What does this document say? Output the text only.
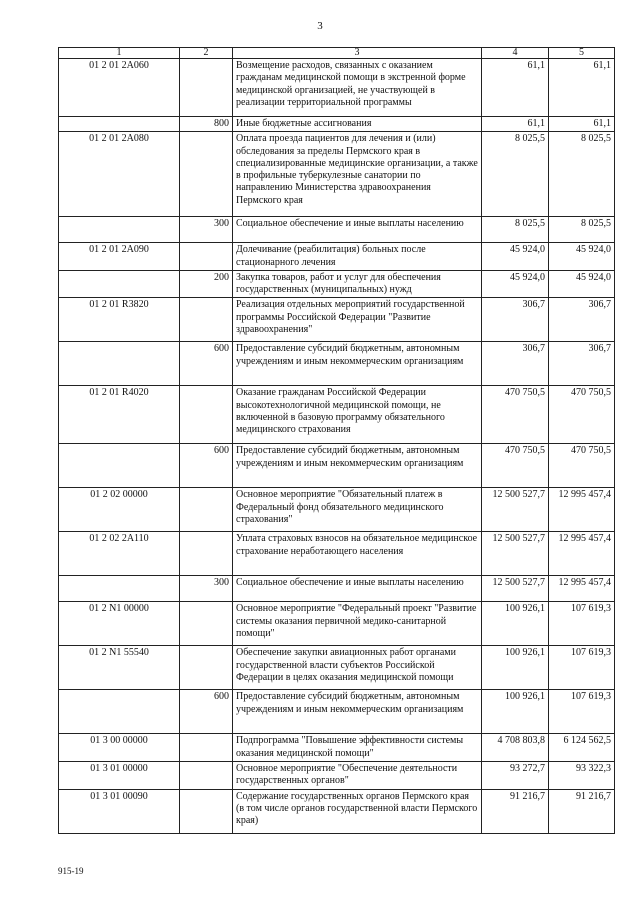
3
1	2	3	4	5
01 2 01 2А060		Возмещение расходов, связанных с оказанием гражданам медицинской помощи в экстренной форме медицинской организацией, не участвующей в реализации территориальной программы	61,1	61,1
	800	Иные бюджетные ассигнования	61,1	61,1
01 2 01 2А080		Оплата проезда пациентов для лечения и (или) обследования за пределы Пермского края в специализированные медицинские организации, а также в профильные туберкулезные санатории по направлению Министерства здравоохранения Пермского края	8 025,5	8 025,5
	300	Социальное обеспечение и иные выплаты населению	8 025,5	8 025,5
01 2 01 2А090		Долечивание (реабилитация) больных после стационарного лечения	45 924,0	45 924,0
	200	Закупка товаров, работ и услуг для обеспечения государственных (муниципальных) нужд	45 924,0	45 924,0
01 2 01 R3820		Реализация отдельных мероприятий государственной программы Российской Федерации "Развитие здравоохранения"	306,7	306,7
	600	Предоставление субсидий бюджетным, автономным учреждениям и иным некоммерческим организациям	306,7	306,7
01 2 01 R4020		Оказание гражданам Российской Федерации высокотехнологичной медицинской помощи, не включенной в базовую программу обязательного медицинского страхования	470 750,5	470 750,5
	600	Предоставление субсидий бюджетным, автономным учреждениям и иным некоммерческим организациям	470 750,5	470 750,5
01 2 02 00000		Основное мероприятие "Обязательный платеж в Федеральный фонд обязательного медицинского страхования"	12 500 527,7	12 995 457,4
01 2 02 2А110		Уплата страховых взносов на обязательное медицинское страхование неработающего населения	12 500 527,7	12 995 457,4
	300	Социальное обеспечение и иные выплаты населению	12 500 527,7	12 995 457,4
01 2 N1 00000		Основное мероприятие "Федеральный проект "Развитие системы оказания первичной медико-санитарной помощи"	100 926,1	107 619,3
01 2 N1 55540		Обеспечение закупки авиационных работ органами государственной власти субъектов Российской Федерации в целях оказания медицинской помощи	100 926,1	107 619,3
	600	Предоставление субсидий бюджетным, автономным учреждениям и иным некоммерческим организациям	100 926,1	107 619,3
01 3 00 00000		Подпрограмма "Повышение эффективности системы оказания медицинской помощи"	4 708 803,8	6 124 562,5
01 3 01 00000		Основное мероприятие "Обеспечение деятельности государственных органов"	93 272,7	93 322,3
01 3 01 00090		Содержание государственных органов Пермского края (в том числе органов государственной власти Пермского края)	91 216,7	91 216,7
915-19
